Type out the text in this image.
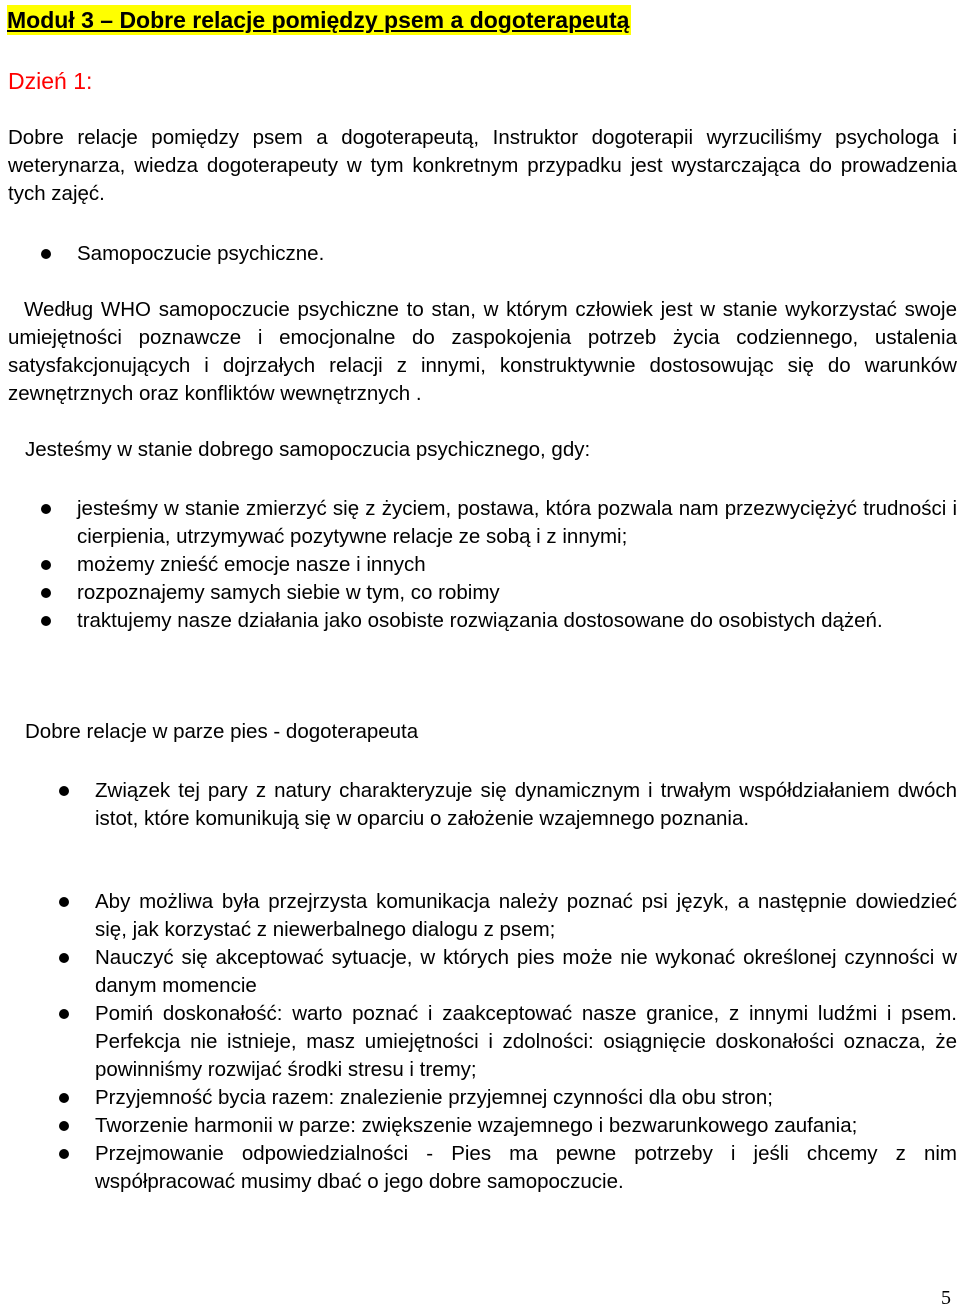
Moduł 3 – Dobre relacje pomiędzy psem a dogoterapeutą
Dzień 1:

Dobre relacje pomiędzy psem a dogoterapeutą, Instruktor dogoterapii wyrzuciliśmy psychologa i weterynarza, wiedza dogoterapeuty w tym konkretnym przypadku jest wystarczająca do prowadzenia tych zajęć.

Samopoczucie psychiczne.

Według WHO samopoczucie psychiczne to stan, w którym człowiek jest w stanie wykorzystać swoje umiejętności poznawcze i emocjonalne do zaspokojenia potrzeb życia codziennego, ustalenia satysfakcjonujących i dojrzałych relacji z innymi, konstruktywnie dostosowując się do warunków zewnętrznych oraz konfliktów wewnętrznych .

Jesteśmy w stanie dobrego samopoczucia psychicznego, gdy:

jesteśmy w stanie zmierzyć się z życiem, postawa, która pozwala nam przezwyciężyć trudności i cierpienia, utrzymywać pozytywne relacje ze sobą i z innymi;
możemy znieść emocje nasze i innych
rozpoznajemy samych siebie w tym, co robimy
traktujemy nasze działania jako osobiste rozwiązania dostosowane do osobistych dążeń.

Dobre relacje w parze pies - dogoterapeuta

Związek tej pary z natury charakteryzuje się dynamicznym i trwałym współdziałaniem dwóch istot, które komunikują się w oparciu o założenie wzajemnego poznania.
Aby możliwa była przejrzysta komunikacja należy poznać psi język, a następnie dowiedzieć się, jak korzystać z niewerbalnego dialogu z psem;
Nauczyć się akceptować sytuacje, w których pies może nie wykonać określonej czynności w danym momencie
Pomiń doskonałość: warto poznać i zaakceptować nasze granice, z innymi ludźmi i psem. Perfekcja nie istnieje, masz umiejętności i zdolności: osiągnięcie doskonałości oznacza, że powinniśmy rozwijać środki stresu i tremy;
Przyjemność bycia razem: znalezienie przyjemnej czynności dla obu stron;
Tworzenie harmonii w parze: zwiększenie wzajemnego i bezwarunkowego zaufania;
Przejmowanie odpowiedzialności - Pies ma pewne potrzeby i jeśli chcemy z nim współpracować musimy dbać o jego dobre samopoczucie.
5
